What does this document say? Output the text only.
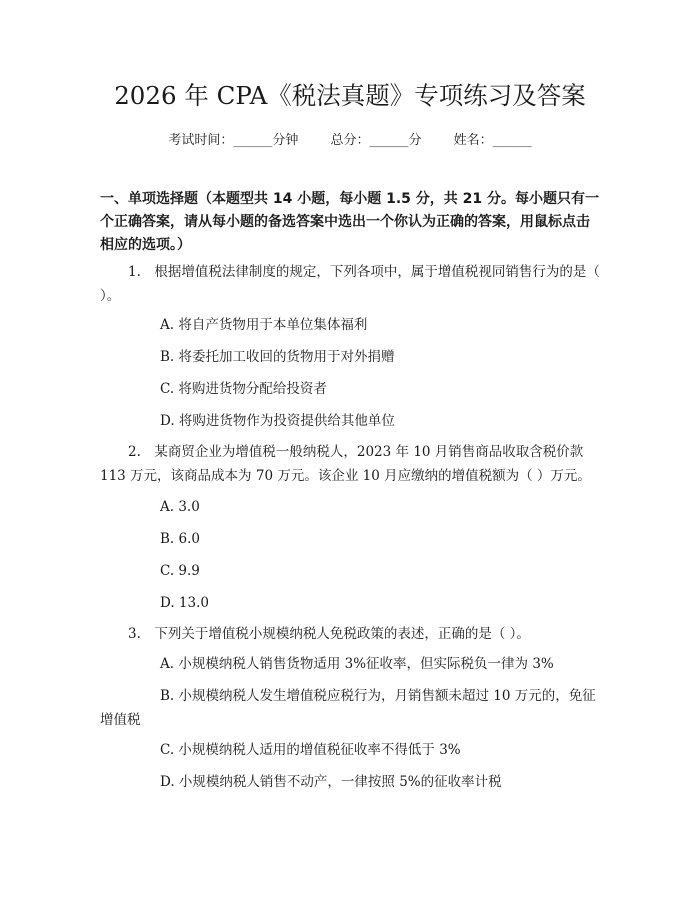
2026 年 CPA《税法真题》专项练习及答案
考试时间：______分钟 总分：______分 姓名：______

一、单项选择题（本题型共 14 小题，每小题 1.5 分，共 21 分。每小题只有一个正确答案，请从每小题的备选答案中选出一个你认为正确的答案，用鼠标点击相应的选项。）

1.　根据增值税法律制度的规定，下列各项中，属于增值税视同销售行为的是（ ）。

A. 将自产货物用于本单位集体福利

B. 将委托加工收回的货物用于对外捐赠

C. 将购进货物分配给投资者

D. 将购进货物作为投资提供给其他单位

2.　某商贸企业为增值税一般纳税人，2023 年 10 月销售商品收取含税价款 113 万元，该商品成本为 70 万元。该企业 10 月应缴纳的增值税额为（ ）万元。

A. 3.0

B. 6.0

C. 9.9

D. 13.0

3.　下列关于增值税小规模纳税人免税政策的表述，正确的是（ ）。

A. 小规模纳税人销售货物适用 3%征收率，但实际税负一律为 3%

B. 小规模纳税人发生增值税应税行为，月销售额未超过 10 万元的，免征增值税

C. 小规模纳税人适用的增值税征收率不得低于 3%

D. 小规模纳税人销售不动产，一律按照 5%的征收率计税
